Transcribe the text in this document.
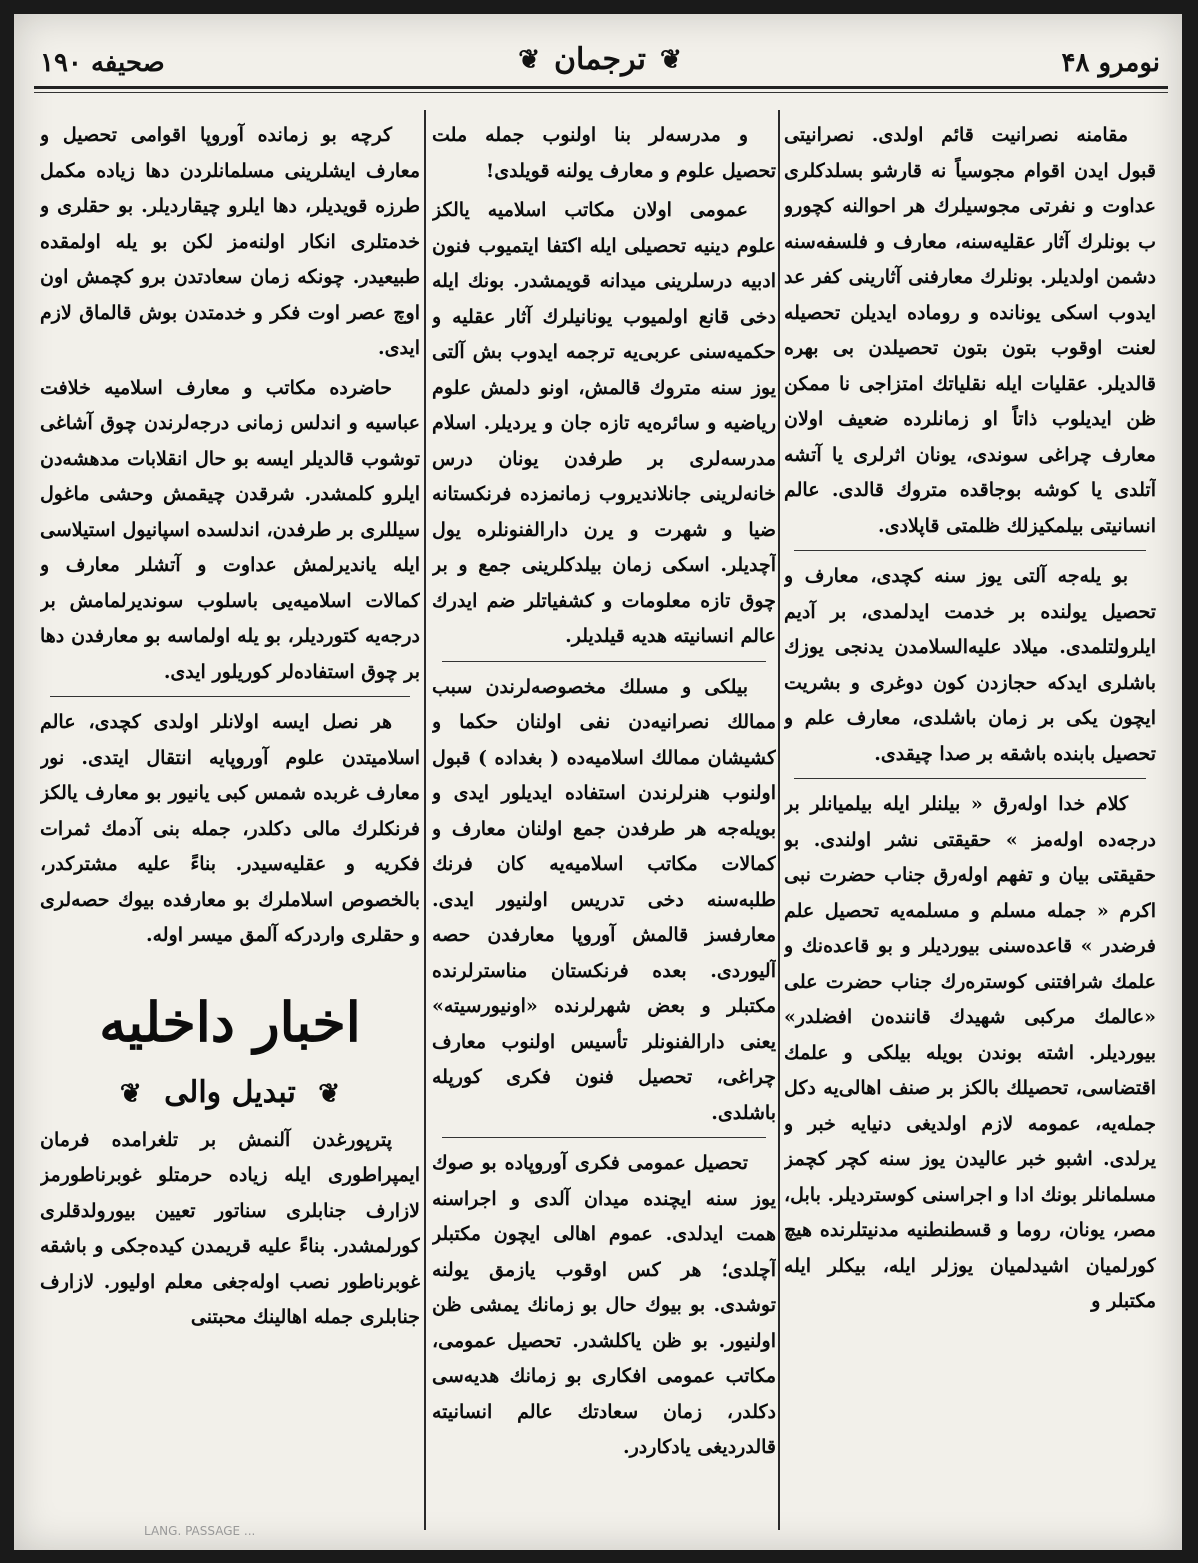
نومرو ۴۸
❦
ترجمان
❦
صحیفه ۱۹۰

مقامنه نصرانیت قائم اولدی. نصرانیتی قبول ایدن اقوام مجوسیاً نه قارشو بسلدکلری عداوت و نفرتی مجوسیلرك هر احوالنه کچورو ب بونلرك آثار عقلیه‌سنه، معارف و فلسفه‌سنه دشمن اولدیلر. بونلرك معارفنی آثارینی کفر عد ایدوب اسکی یونانده و روماده ایدیلن تحصیله لعنت اوقوب بتون بتون تحصیلدن بی بهره قالدیلر. عقلیات ایله نقلیاتك امتزاجی نا ممکن ظن ایدیلوب ذاتاً او زمانلرده ضعیف اولان معارف چراغی سوندی، یونان اثرلری یا آتشه آتلدی یا کوشه بوجاقده متروك قالدی. عالم انسانیتی بیلمکیزلك ظلمتی قاپلادی.

بو یله‌جه آلتی یوز سنه کچدی، معارف و تحصیل یولنده بر خدمت ایدلمدی، بر آدیم ایلرولتلمدی. میلاد علیه‌السلامدن یدنجی یوزك باشلری ایدکه حجازدن کون دوغری و بشریت ایچون یکی بر زمان باشلدی، معارف علم و تحصیل بابنده باشقه بر صدا چیقدی.

کلام خدا اوله‌رق « بیلنلر ایله بیلمیانلر بر درجه‌ده اوله‌مز » حقیقتی نشر اولندی. بو حقیقتی بیان و تفهم اوله‌رق جناب حضرت نبی اکرم « جمله مسلم و مسلمه‌یه تحصیل علم فرضدر » قاعده‌سنی بیوردیلر و بو قاعده‌نك و علمك شرافتنی کوستره‌رك جناب حضرت علی «عالمك مرکبی شهیدك قاننده‌ن افضلدر» بیوردیلر. اشته بوندن بویله بیلکی و علمك اقتضاسی، تحصیلك بالکز بر صنف اهالی‌یه دکل جمله‌یه، عمومه لازم اولدیغی دنیایه خبر و یرلدی. اشبو خبر عالیدن یوز سنه کچر کچمز مسلمانلر بونك ادا و اجراسنی کوستردیلر. بابل، مصر، یونان، روما و قسطنطنیه مدنیتلرنده هیچ کورلمیان اشیدلمیان یوزلر ایله، بیکلر ایله مکتبلر و

و مدرسه‌لر بنا اولنوب جمله ملت تحصیل علوم و معارف یولنه قویلدی!

عمومی اولان مکاتب اسلامیه یالکز علوم دینیه تحصیلی ایله اکتفا ایتمیوب فنون ادبیه درسلرینی میدانه قویمشدر. بونك ایله دخی قانع اولمیوب یونانیلرك آثار عقلیه و حکمیه‌سنی عربی‌یه ترجمه ایدوب بش آلتی یوز سنه متروك قالمش، اونو دلمش علوم ریاضیه و سائره‌یه تازه جان و یردیلر. اسلام مدرسه‌لری بر طرفدن یونان درس خانه‌لرینی جانلاندیروب زمانمزده فرنکستانه ضیا و شهرت و یرن دارالفنونلره یول آچدیلر. اسکی زمان بیلدکلرینی جمع و بر چوق تازه معلومات و کشفیاتلر ضم ایدرك عالم انسانیته هدیه قیلدیلر.

بیلکی و مسلك مخصوصه‌لرندن سبب ممالك نصرانیه‌دن نفی اولنان حکما و کشیشان ممالك اسلامیه‌ده ( بغداده ) قبول اولنوب هنرلرندن استفاده ایدیلور ایدی و بویله‌جه هر طرفدن جمع اولنان معارف و کمالات مکاتب اسلامیه‌یه کان فرنك طلبه‌سنه دخی تدریس اولنیور ایدی. معارفسز قالمش آوروپا معارفدن حصه آلیوردی. بعده فرنکستان مناسترلرنده مکتبلر و بعض شهرلرنده «اونیورسیته» یعنی دارالفنونلر تأسیس اولنوب معارف چراغی، تحصیل فنون فکری کورپله باشلدی.

تحصیل عمومی فکری آوروپاده بو صوك یوز سنه ایچنده میدان آلدی و اجراسنه همت ایدلدی. عموم اهالی ایچون مکتبلر آچلدی؛ هر کس اوقوب یازمق یولنه توشدی. بو بیوك حال بو زمانك یمشی ظن اولنیور. بو ظن یاکلشدر. تحصیل عمومی، مکاتب عمومی افکاری بو زمانك هدیه‌سی دکلدر، زمان سعادتك عالم انسانیته قالدردیغی یادکاردر.

کرچه بو زمانده آوروپا اقوامی تحصیل و معارف ایشلرینی مسلمانلردن دها زیاده مکمل طرزه قویدیلر، دها ایلرو چیقاردیلر. بو حقلری و خدمتلری انکار اولنه‌مز لکن بو یله اولمقده طبیعیدر. چونکه زمان سعادتدن برو کچمش اون اوچ عصر اوت فکر و خدمتدن بوش قالماق لازم ایدی.

حاضرده مکاتب و معارف اسلامیه خلافت عباسیه و اندلس زمانی درجه‌لرندن چوق آشاغی توشوب قالدیلر ایسه بو حال انقلابات مدهشه‌دن ایلرو کلمشدر. شرقدن چیقمش وحشی ماغول سیللری بر طرفدن، اندلسده اسپانیول استیلاسی ایله یاندیرلمش عداوت و آتشلر معارف و کمالات اسلامیه‌یی باسلوب سوندیرلمامش بر درجه‌یه کتوردیلر، بو یله اولماسه بو معارفدن دها بر چوق استفاده‌لر کوریلور ایدی.

هر نصل ایسه اولانلر اولدی کچدی، عالم اسلامیتدن علوم آوروپایه انتقال ایتدی. نور معارف غربده شمس کبی یانیور بو معارف یالکز فرنکلرك مالی دکلدر، جمله بنی آدمك ثمرات فکریه و عقلیه‌سیدر. بناءً علیه مشترکدر، بالخصوص اسلاملرك بو معارفده بیوك حصه‌لری و حقلری واردرکه آلمق میسر اوله.

اخبار داخلیه
❦ تبدیل والی ❦

پترپورغدن آلنمش بر تلغرامده فرمان ایمپراطوری ایله زیاده حرمتلو غوبرناطورمز لازارف جنابلری سناتور تعیین بیورولدقلری کورلمشدر. بناءً علیه قریمدن کیده‌جکی و باشقه غوبرناطور نصب اوله‌جغی معلم اولیور. لازارف جنابلری جمله اهالینك محبتنی

LANG. PASSAGE ...
